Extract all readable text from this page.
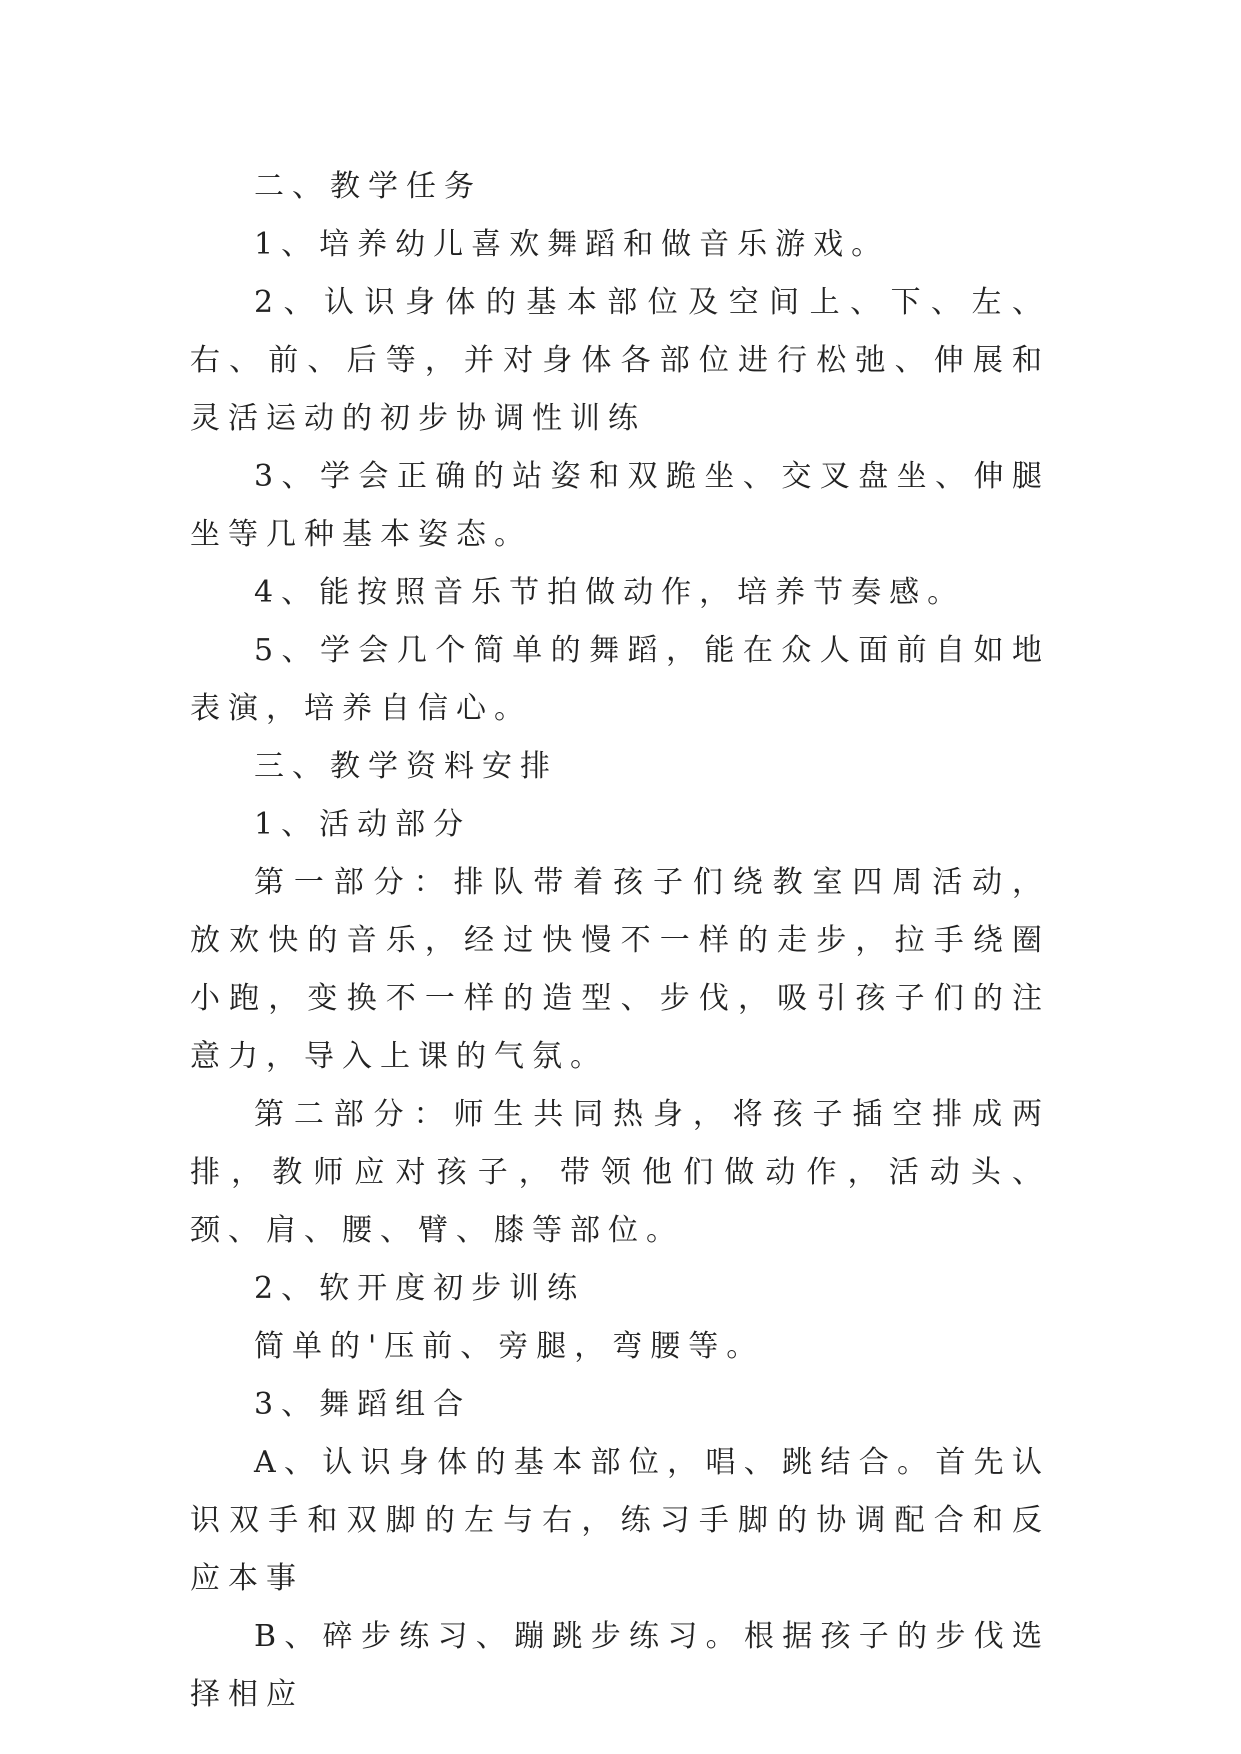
二、教学任务

1、培养幼儿喜欢舞蹈和做音乐游戏。

2、认识身体的基本部位及空间上、下、左、右、前、后等，并对身体各部位进行松弛、伸展和灵活运动的初步协调性训练

3、学会正确的站姿和双跪坐、交叉盘坐、伸腿坐等几种基本姿态。

4、能按照音乐节拍做动作，培养节奏感。

5、学会几个简单的舞蹈，能在众人面前自如地表演，培养自信心。

三、教学资料安排

1、活动部分

第一部分：排队带着孩子们绕教室四周活动，放欢快的音乐，经过快慢不一样的走步，拉手绕圈小跑，变换不一样的造型、步伐，吸引孩子们的注意力，导入上课的气氛。

第二部分：师生共同热身，将孩子插空排成两排，教师应对孩子，带领他们做动作，活动头、颈、肩、腰、臂、膝等部位。

2、软开度初步训练

简单的'压前、旁腿，弯腰等。

3、舞蹈组合

A、认识身体的基本部位，唱、跳结合。首先认识双手和双脚的左与右，练习手脚的协调配合和反应本事

B、碎步练习、蹦跳步练习。根据孩子的步伐选择相应
